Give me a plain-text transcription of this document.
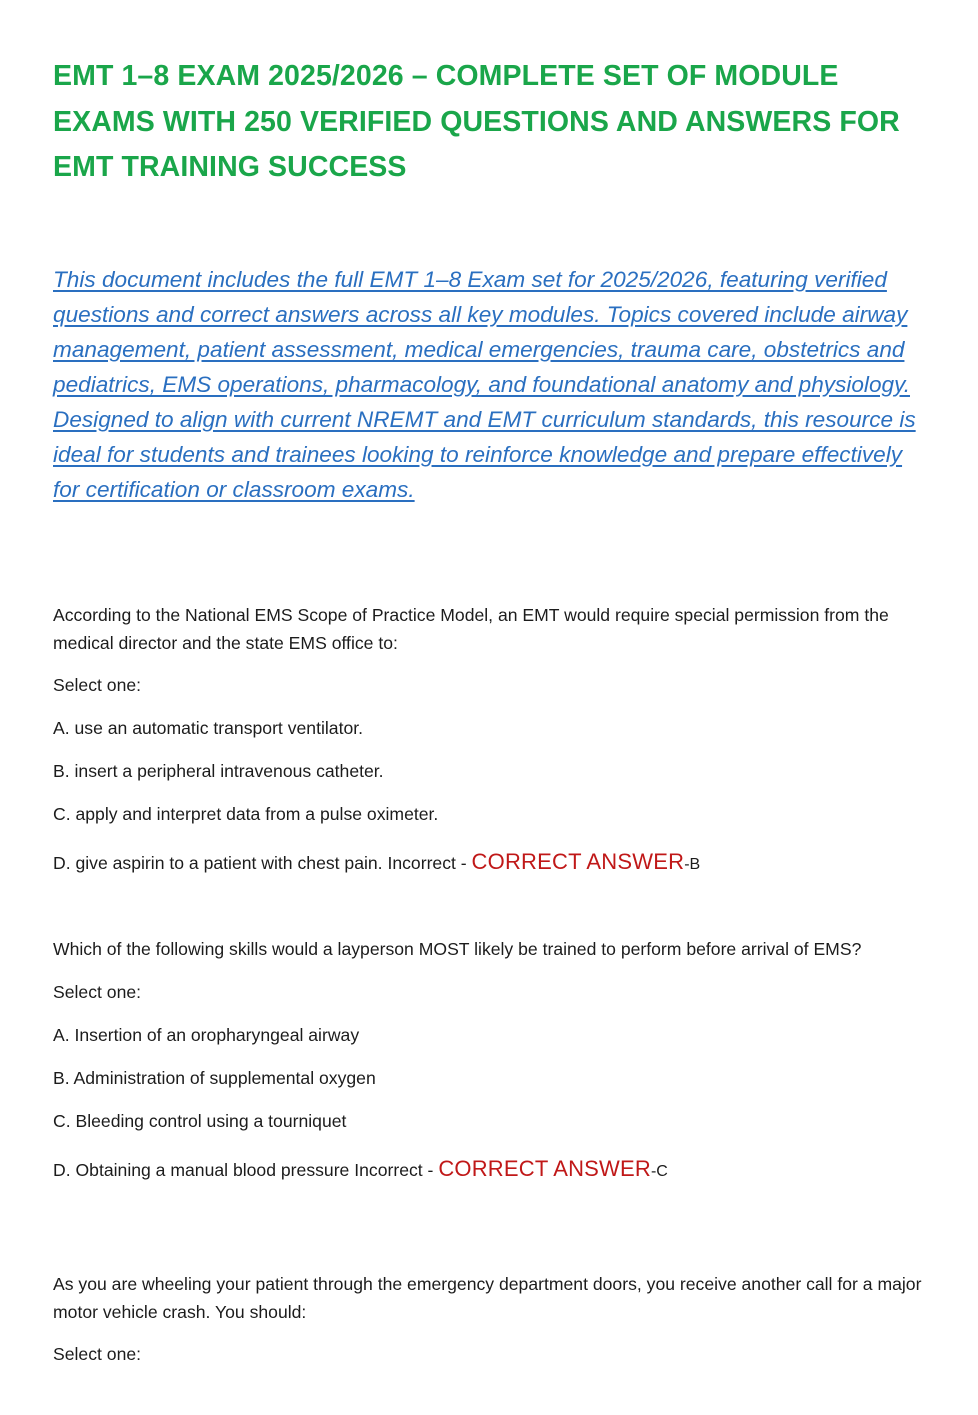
EMT 1–8 EXAM 2025/2026 – COMPLETE SET OF MODULE EXAMS WITH 250 VERIFIED QUESTIONS AND ANSWERS FOR EMT TRAINING SUCCESS

This document includes the full EMT 1–8 Exam set for 2025/2026, featuring verified questions and correct answers across all key modules. Topics covered include airway management, patient assessment, medical emergencies, trauma care, obstetrics and pediatrics, EMS operations, pharmacology, and foundational anatomy and physiology. Designed to align with current NREMT and EMT curriculum standards, this resource is ideal for students and trainees looking to reinforce knowledge and prepare effectively for certification or classroom exams.

According to the National EMS Scope of Practice Model, an EMT would require special permission from the medical director and the state EMS office to:

Select one:

A. use an automatic transport ventilator.

B. insert a peripheral intravenous catheter.

C. apply and interpret data from a pulse oximeter.

D. give aspirin to a patient with chest pain. Incorrect - CORRECT ANSWER-B

Which of the following skills would a layperson MOST likely be trained to perform before arrival of EMS?

Select one:

A. Insertion of an oropharyngeal airway

B. Administration of supplemental oxygen

C. Bleeding control using a tourniquet

D. Obtaining a manual blood pressure Incorrect - CORRECT ANSWER-C

As you are wheeling your patient through the emergency department doors, you receive another call for a major motor vehicle crash. You should:

Select one:
